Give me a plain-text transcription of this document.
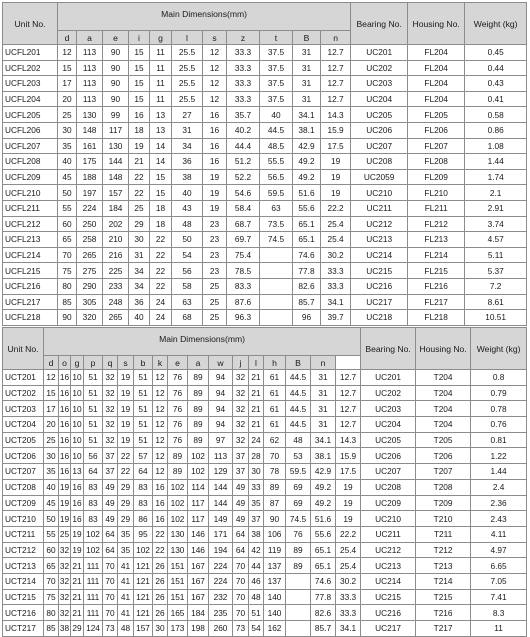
Unit No.	Main Dimensions(mm)											Bearing No.	Housing No.	Weight (kg)
	d	a	e	i	g	l	s	z	t	B	n			
UCFL201	12	113	90	15	11	25.5	12	33.3	37.5	31	12.7	UC201	FL204	0.45
UCFL202	15	113	90	15	11	25.5	12	33.3	37.5	31	12.7	UC202	FL204	0.44
UCFL203	17	113	90	15	11	25.5	12	33.3	37.5	31	12.7	UC203	FL204	0.43
UCFL204	20	113	90	15	11	25.5	12	33.3	37.5	31	12.7	UC204	FL204	0.41
UCFL205	25	130	99	16	13	27	16	35.7	40	34.1	14.3	UC205	FL205	0.58
UCFL206	30	148	117	18	13	31	16	40.2	44.5	38.1	15.9	UC206	FL206	0.86
UCFL207	35	161	130	19	14	34	16	44.4	48.5	42.9	17.5	UC207	FL207	1.08
UCFL208	40	175	144	21	14	36	16	51.2	55.5	49.2	19	UC208	FL208	1.44
UCFL209	45	188	148	22	15	38	19	52.2	56.5	49.2	19	UC2059	FL209	1.74
UCFL210	50	197	157	22	15	40	19	54.6	59.5	51.6	19	UC210	FL210	2.1
UCFL211	55	224	184	25	18	43	19	58.4	63	55.6	22.2	UC211	FL211	2.91
UCFL212	60	250	202	29	18	48	23	68.7	73.5	65.1	25.4	UC212	FL212	3.74
UCFL213	65	258	210	30	22	50	23	69.7	74.5	65.1	25.4	UC213	FL213	4.57
UCFL214	70	265	216	31	22	54	23	75.4		74.6	30.2	UC214	FL214	5.11
UCFL215	75	275	225	34	22	56	23	78.5		77.8	33.3	UC215	FL215	5.37
UCFL216	80	290	233	34	22	58	25	83.3		82.6	33.3	UC216	FL216	7.2
UCFL217	85	305	248	36	24	63	25	87.6		85.7	34.1	UC217	FL217	8.61
UCFL218	90	320	265	40	24	68	25	96.3		96	39.7	UC218	FL218	10.51
Unit No.	Main Dimensions(mm)																	Bearing No.	Housing No.	Weight (kg)
	d	o	g	p	q	s	b	k	e	a	w	j	l	h	B	n				
UCT201	12	16	10	51	32	19	51	12	76	89	94	32	21	61	44.5	31	12.7	UC201	T204	0.8
UCT202	15	16	10	51	32	19	51	12	76	89	94	32	21	61	44.5	31	12.7	UC202	T204	0.79
UCT203	17	16	10	51	32	19	51	12	76	89	94	32	21	61	44.5	31	12.7	UC203	T204	0.78
UCT204	20	16	10	51	32	19	51	12	76	89	94	32	21	61	44.5	31	12.7	UC204	T204	0.76
UCT205	25	16	10	51	32	19	51	12	76	89	97	32	24	62	48	34.1	14.3	UC205	T205	0.81
UCT206	30	16	10	56	37	22	57	12	89	102	113	37	28	70	53	38.1	15.9	UC206	T206	1.22
UCT207	35	16	13	64	37	22	64	12	89	102	129	37	30	78	59.5	42.9	17.5	UC207	T207	1.44
UCT208	40	19	16	83	49	29	83	16	102	114	144	49	33	89	69	49.2	19	UC208	T208	2.4
UCT209	45	19	16	83	49	29	83	16	102	117	144	49	35	87	69	49.2	19	UC209	T209	2.36
UCT210	50	19	16	83	49	29	86	16	102	117	149	49	37	90	74.5	51.6	19	UC210	T210	2.43
UCT211	55	25	19	102	64	35	95	22	130	146	171	64	38	106	76	55.6	22.2	UC211	T211	4.11
UCT212	60	32	19	102	64	35	102	22	130	146	194	64	42	119	89	65.1	25.4	UC212	T212	4.97
UCT213	65	32	21	111	70	41	121	26	151	167	224	70	44	137	89	65.1	25.4	UC213	T213	6.65
UCT214	70	32	21	111	70	41	121	26	151	167	224	70	46	137		74.6	30.2	UC214	T214	7.05
UCT215	75	32	21	111	70	41	121	26	151	167	232	70	48	140		77.8	33.3	UC215	T215	7.41
UCT216	80	32	21	111	70	41	121	26	165	184	235	70	51	140		82.6	33.3	UC216	T216	8.3
UCT217	85	38	29	124	73	48	157	30	173	198	260	73	54	162		85.7	34.1	UC217	T217	11
